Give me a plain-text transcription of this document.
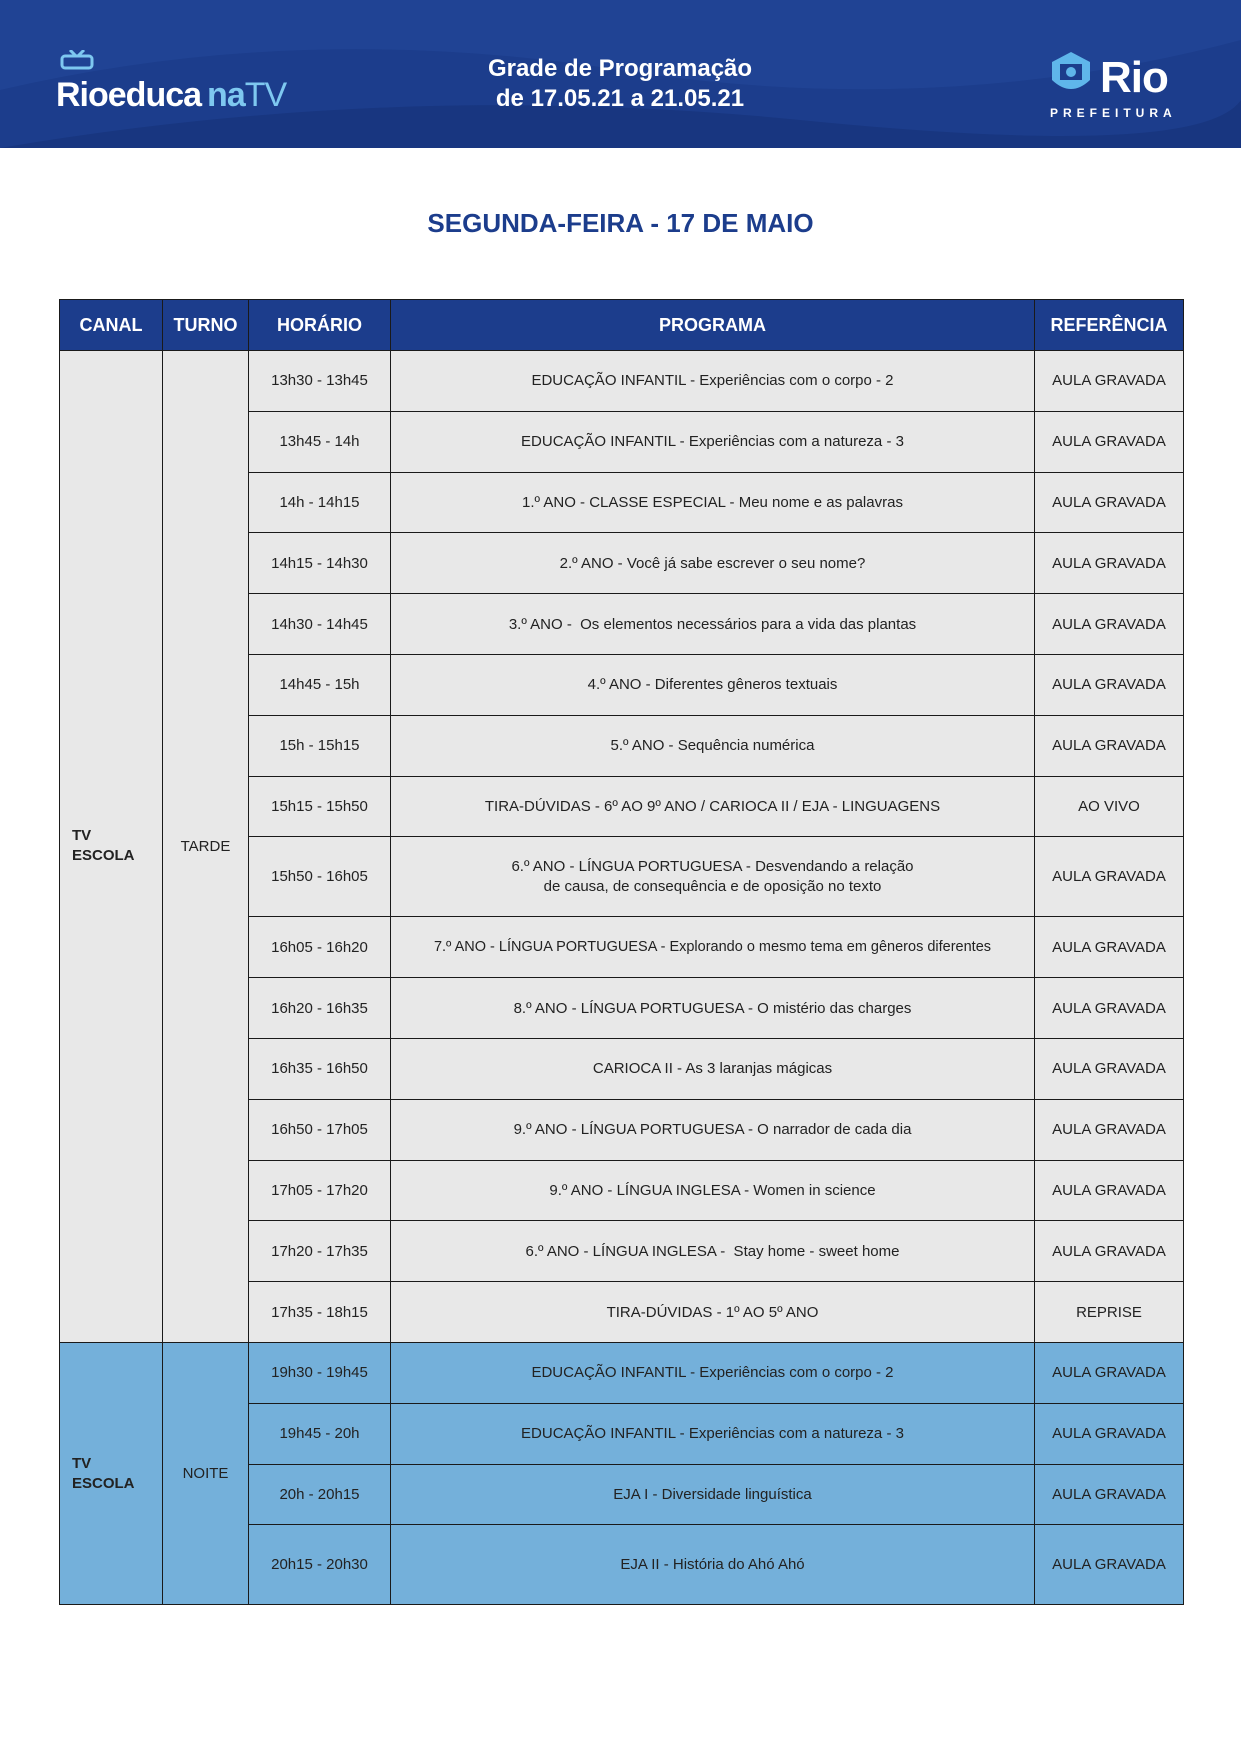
Rioeduca na TV
Grade de Programação
de 17.05.21 a 21.05.21	Rio
PREFEITURA
SEGUNDA-FEIRA - 17 DE MAIO
CANAL	TURNO	HORÁRIO	PROGRAMA	REFERÊNCIA

TV
ESCOLA	TARDE	13h30 - 13h45	EDUCAÇÃO INFANTIL - Experiências com o corpo - 2	AULA GRAVADA
		13h45 - 14h	EDUCAÇÃO INFANTIL - Experiências com a natureza - 3	AULA GRAVADA
		14h - 14h15	1.º ANO - CLASSE ESPECIAL - Meu nome e as palavras	AULA GRAVADA
		14h15 - 14h30	2.º ANO - Você já sabe escrever o seu nome?	AULA GRAVADA
		14h30 - 14h45	3.º ANO -  Os elementos necessários para a vida das plantas	AULA GRAVADA
		14h45 - 15h	4.º ANO - Diferentes gêneros textuais	AULA GRAVADA
		15h - 15h15	5.º ANO - Sequência numérica	AULA GRAVADA
		15h15 - 15h50	TIRA-DÚVIDAS - 6º AO 9º ANO / CARIOCA II / EJA - LINGUAGENS	AO VIVO
		15h50 - 16h05	6.º ANO - LÍNGUA PORTUGUESA - Desvendando a relação
de causa, de consequência e de oposição no texto	AULA GRAVADA
		16h05 - 16h20	7.º ANO - LÍNGUA PORTUGUESA - Explorando o mesmo tema em gêneros diferentes	AULA GRAVADA
		16h20 - 16h35	8.º ANO - LÍNGUA PORTUGUESA - O mistério das charges	AULA GRAVADA
		16h35 - 16h50	CARIOCA II - As 3 laranjas mágicas	AULA GRAVADA
		16h50 - 17h05	9.º ANO - LÍNGUA PORTUGUESA - O narrador de cada dia	AULA GRAVADA
		17h05 - 17h20	9.º ANO - LÍNGUA INGLESA - Women in science	AULA GRAVADA
		17h20 - 17h35	6.º ANO - LÍNGUA INGLESA -  Stay home - sweet home	AULA GRAVADA
		17h35 - 18h15	TIRA-DÚVIDAS - 1º AO 5º ANO	REPRISE

TV
ESCOLA	NOITE	19h30 - 19h45	EDUCAÇÃO INFANTIL - Experiências com o corpo - 2	AULA GRAVADA
		19h45 - 20h	EDUCAÇÃO INFANTIL - Experiências com a natureza - 3	AULA GRAVADA
		20h - 20h15	EJA I - Diversidade linguística	AULA GRAVADA
		20h15 - 20h30	EJA II - História do Ahó Ahó	AULA GRAVADA
